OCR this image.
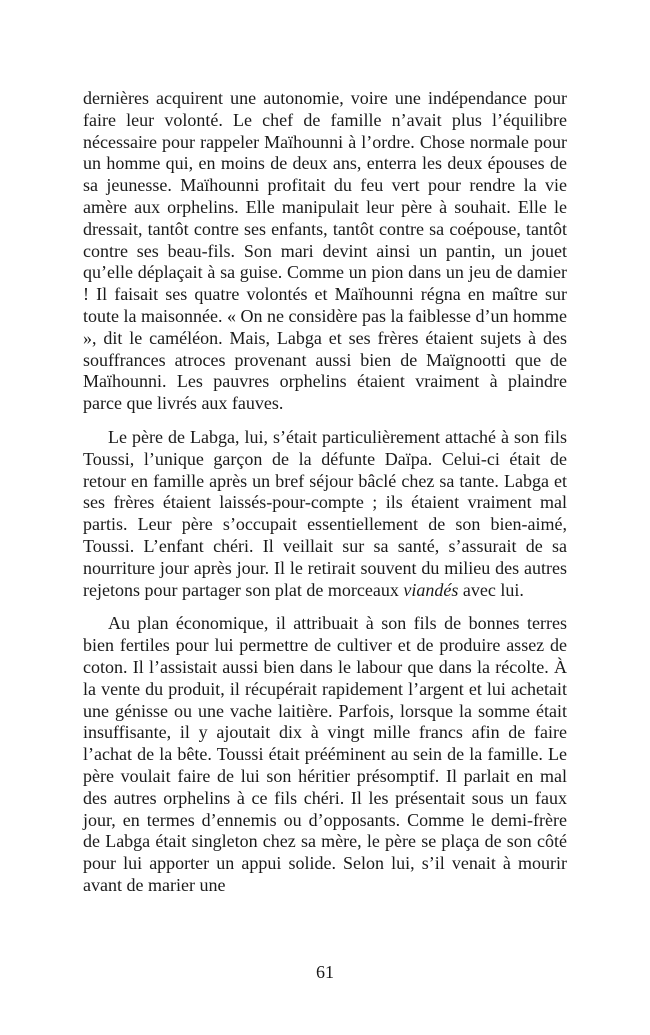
dernières acquirent une autonomie, voire une indépendance pour faire leur volonté. Le chef de famille n’avait plus l’équilibre nécessaire pour rappeler Maïhounni à l’ordre. Chose normale pour un homme qui, en moins de deux ans, enterra les deux épouses de sa jeunesse. Maïhounni profitait du feu vert pour rendre la vie amère aux orphelins. Elle manipulait leur père à souhait. Elle le dressait, tantôt contre ses enfants, tantôt contre sa coépouse, tantôt contre ses beau-fils. Son mari devint ainsi un pantin, un jouet qu’elle déplaçait à sa guise. Comme un pion dans un jeu de damier ! Il faisait ses quatre volontés et Maïhounni régna en maître sur toute la maisonnée. « On ne considère pas la faiblesse d’un homme », dit le caméléon. Mais, Labga et ses frères étaient sujets à des souffrances atroces provenant aussi bien de Maïgnootti que de Maïhounni. Les pauvres orphelins étaient vraiment à plaindre parce que livrés aux fauves.

Le père de Labga, lui, s’était particulièrement attaché à son fils Toussi, l’unique garçon de la défunte Daïpa. Celui-ci était de retour en famille après un bref séjour bâclé chez sa tante. Labga et ses frères étaient laissés-pour-compte ; ils étaient vraiment mal partis. Leur père s’occupait essentiellement de son bien-aimé, Toussi. L’enfant chéri. Il veillait sur sa santé, s’assurait de sa nourriture jour après jour. Il le retirait souvent du milieu des autres rejetons pour partager son plat de morceaux viandés avec lui.

Au plan économique, il attribuait à son fils de bonnes terres bien fertiles pour lui permettre de cultiver et de produire assez de coton. Il l’assistait aussi bien dans le labour que dans la récolte. À la vente du produit, il récupérait rapidement l’argent et lui achetait une génisse ou une vache laitière. Parfois, lorsque la somme était insuffisante, il y ajoutait dix à vingt mille francs afin de faire l’achat de la bête. Toussi était prééminent au sein de la famille. Le père voulait faire de lui son héritier présomptif. Il parlait en mal des autres orphelins à ce fils chéri. Il les présentait sous un faux jour, en termes d’ennemis ou d’opposants. Comme le demi-frère de Labga était singleton chez sa mère, le père se plaça de son côté pour lui apporter un appui solide. Selon lui, s’il venait à mourir avant de marier une

61
